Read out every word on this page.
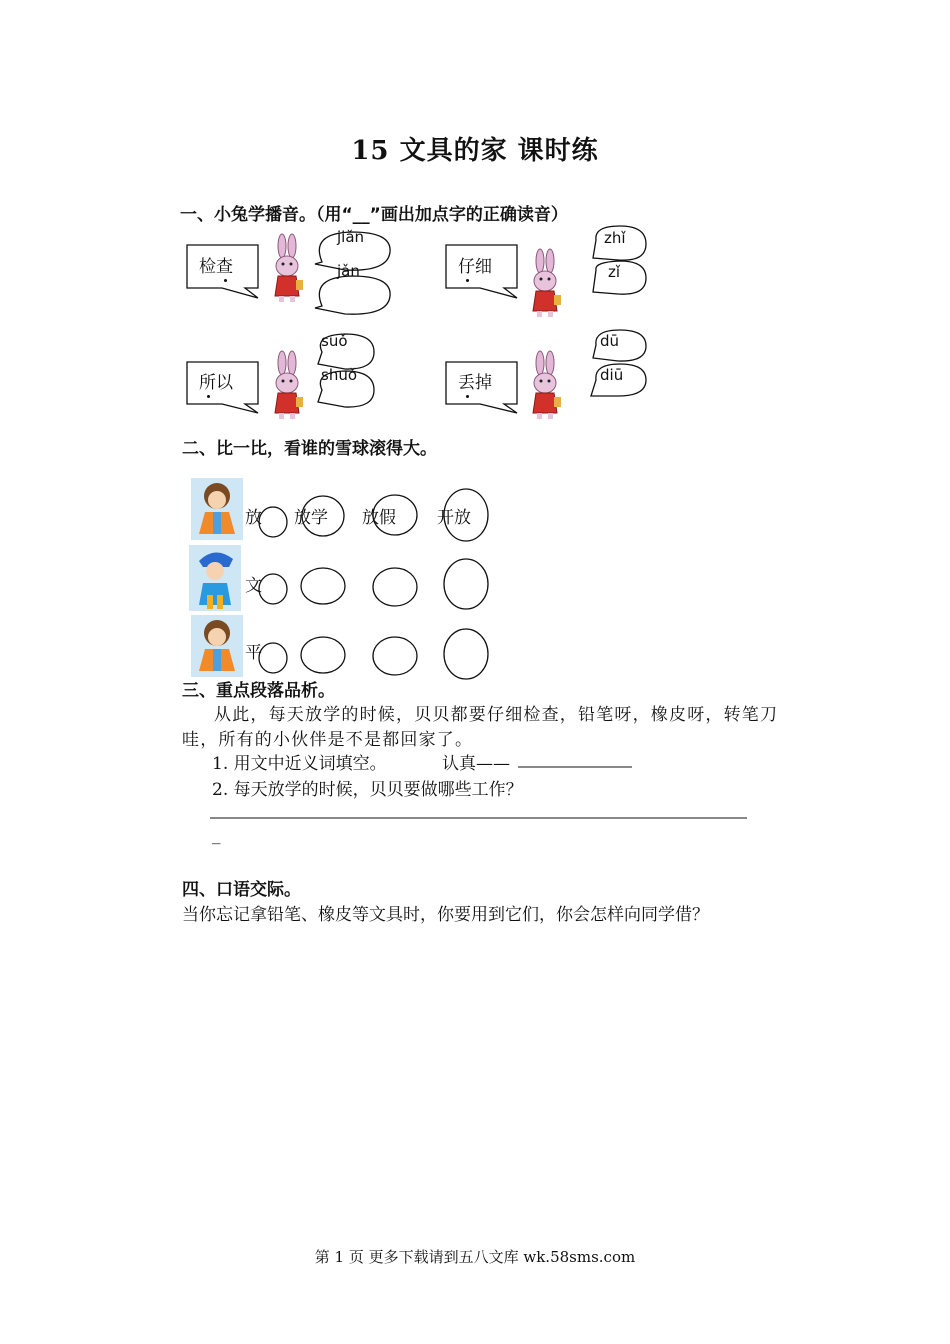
15 文具的家 课时练
一、小兔学播音。（用“__”画出加点字的正确读音）
检查	仔细
所以	丢掉
jiǎn
jǎn
zhǐ
zǐ
suǒ
shuǒ
dū
diū
二、比一比，看谁的雪球滚得大。
放 放学 放假 开放
文
平
三、重点段落品析。
从此，每天放学的时候，贝贝都要仔细检查，铅笔呀，橡皮呀，转笔刀
哇，所有的小伙伴是不是都回家了。
1. 用文中近义词填空。	认真——
2. 每天放学的时候，贝贝要做哪些工作？
_
四、口语交际。
当你忘记拿铅笔、橡皮等文具时，你要用到它们，你会怎样向同学借？
第 1 页 更多下载请到五八文库 wk.58sms.com
